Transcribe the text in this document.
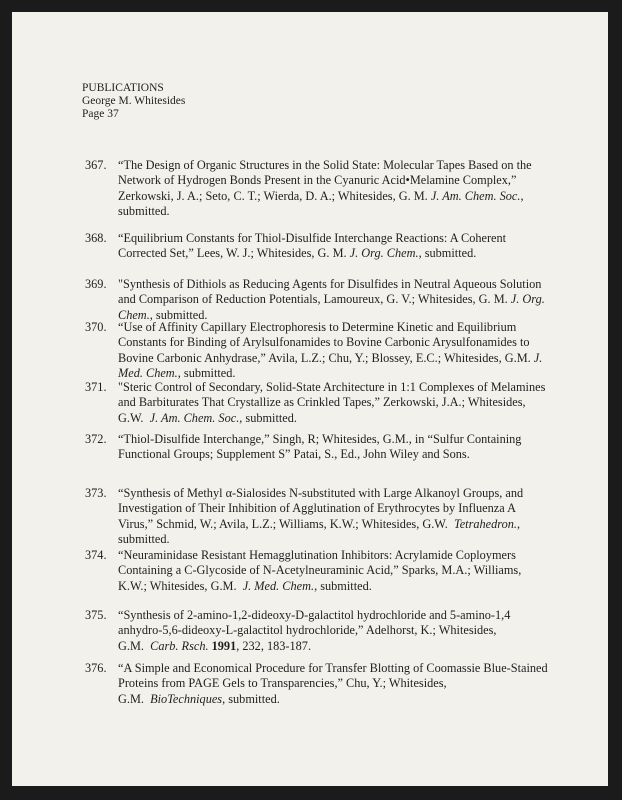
PUBLICATIONS
George M. Whitesides
Page 37
367. “The Design of Organic Structures in the Solid State: Molecular Tapes Based on the Network of Hydrogen Bonds Present in the Cyanuric Acid•Melamine Complex,” Zerkowski, J. A.; Seto, C. T.; Wierda, D. A.; Whitesides, G. M. J. Am. Chem. Soc., submitted.
368. “Equilibrium Constants for Thiol-Disulfide Interchange Reactions: A Coherent Corrected Set,” Lees, W. J.; Whitesides, G. M. J. Org. Chem., submitted.
369. "Synthesis of Dithiols as Reducing Agents for Disulfides in Neutral Aqueous Solution and Comparison of Reduction Potentials, Lamoureux, G. V.; Whitesides, G. M. J. Org. Chem., submitted.
370. “Use of Affinity Capillary Electrophoresis to Determine Kinetic and Equilibrium Constants for Binding of Arylsulfonamides to Bovine Carbonic Arysulfonamides to Bovine Carbonic Anhydrase,” Avila, L.Z.; Chu, Y.; Blossey, E.C.; Whitesides, G.M. J. Med. Chem., submitted.
371. "Steric Control of Secondary, Solid-State Architecture in 1:1 Complexes of Melamines and Barbiturates That Crystallize as Crinkled Tapes,” Zerkowski, J.A.; Whitesides, G.W. J. Am. Chem. Soc., submitted.
372. “Thiol-Disulfide Interchange,” Singh, R; Whitesides, G.M., in “Sulfur Containing Functional Groups; Supplement S” Patai, S., Ed., John Wiley and Sons.
373. “Synthesis of Methyl α-Sialosides N-substituted with Large Alkanoyl Groups, and Investigation of Their Inhibition of Agglutination of Erythrocytes by Influenza A Virus,” Schmid, W.; Avila, L.Z.; Williams, K.W.; Whitesides, G.W. Tetrahedron., submitted.
374. “Neuraminidase Resistant Hemagglutination Inhibitors: Acrylamide Coploymers Containing a C-Glycoside of N-Acetylneuraminic Acid,” Sparks, M.A.; Williams, K.W.; Whitesides, G.M. J. Med. Chem., submitted.
375. “Synthesis of 2-amino-1,2-dideoxy-D-galactitol hydrochloride and 5-amino-1,4 anhydro-5,6-dideoxy-L-galactitol hydrochloride,” Adelhorst, K.; Whitesides, G.M. Carb. Rsch. 1991, 232, 183-187.
376. “A Simple and Economical Procedure for Transfer Blotting of Coomassie Blue-Stained Proteins from PAGE Gels to Transparencies,” Chu, Y.; Whitesides, G.M. BioTechniques, submitted.
